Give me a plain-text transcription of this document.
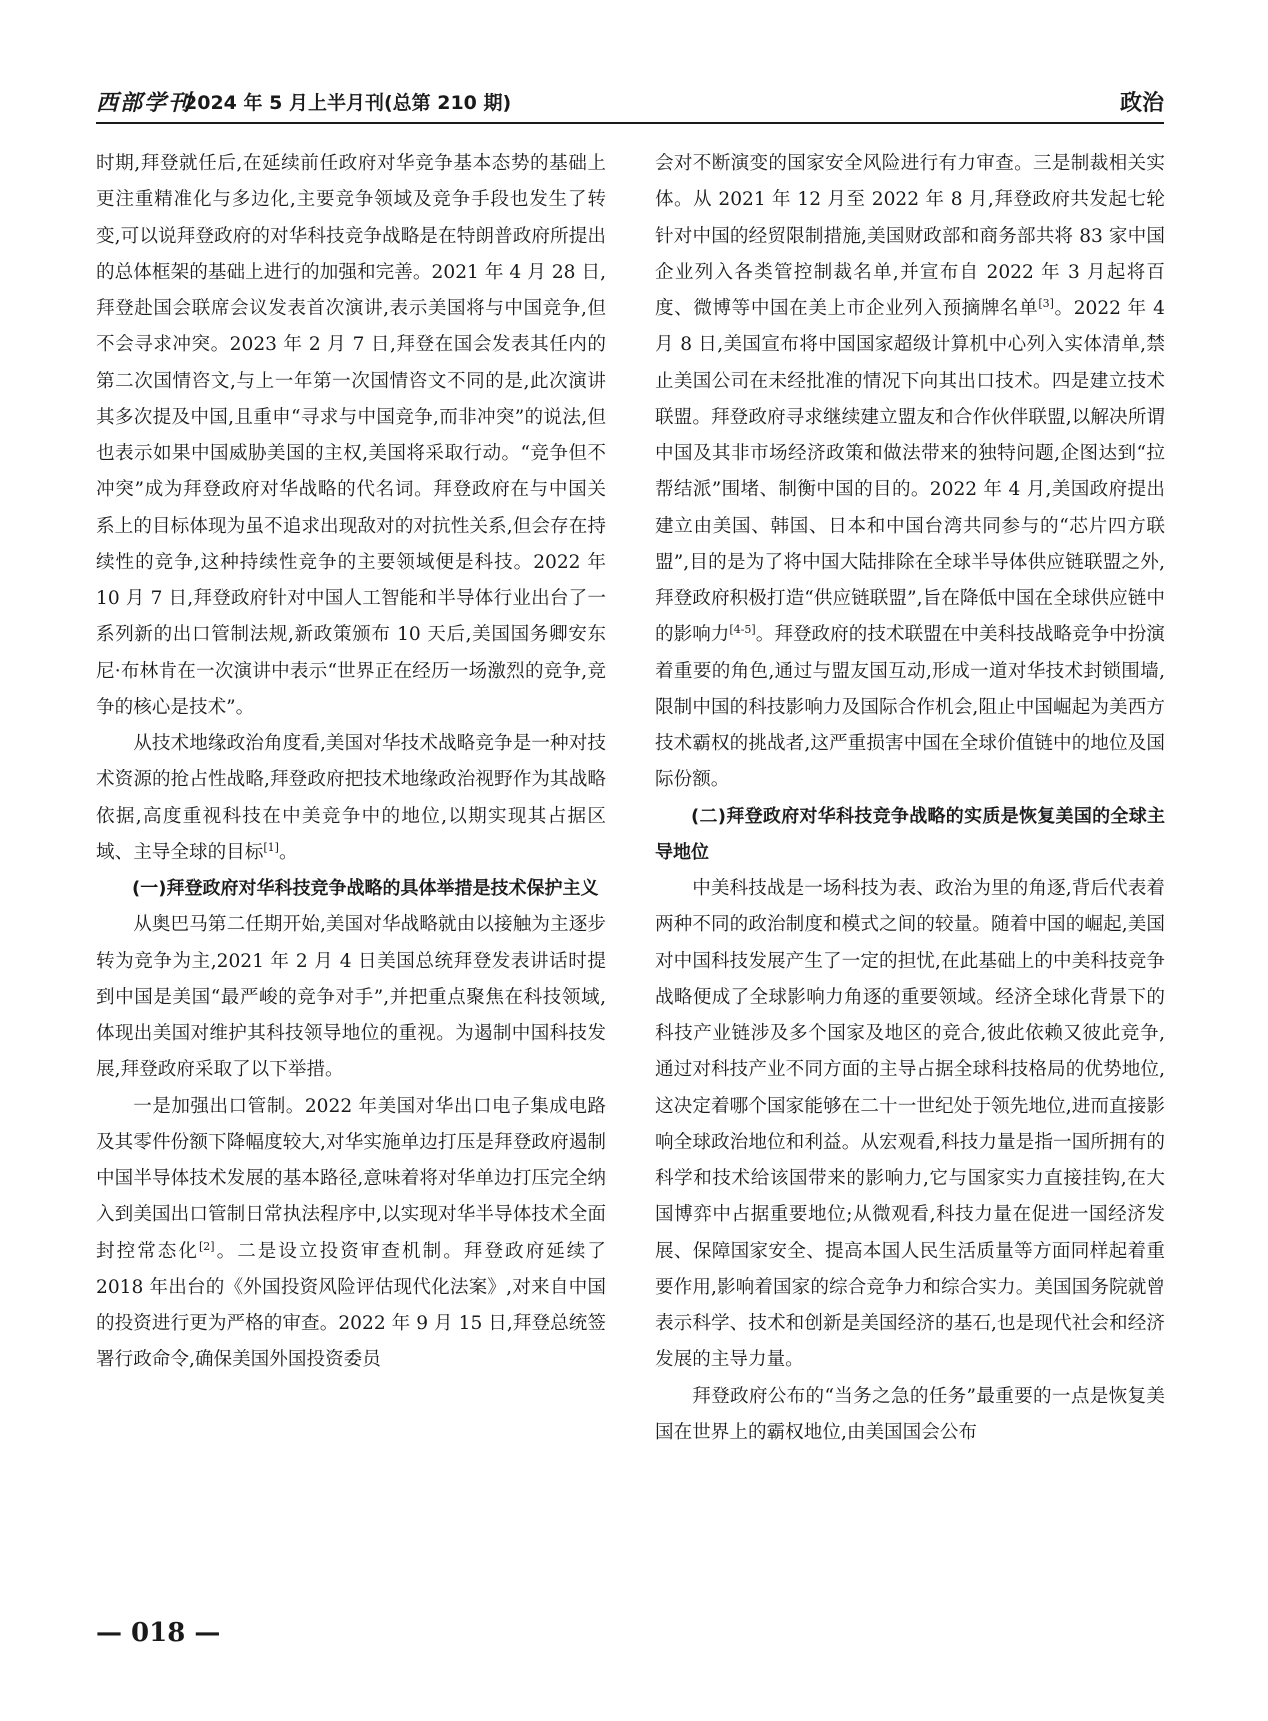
西部学刊
2024 年 5 月上半月刊(总第 210 期)	政治

时期,拜登就任后,在延续前任政府对华竞争基本态势的基础上更注重精准化与多边化,主要竞争领域及竞争手段也发生了转变,可以说拜登政府的对华科技竞争战略是在特朗普政府所提出的总体框架的基础上进行的加强和完善。2021 年 4 月 28 日,拜登赴国会联席会议发表首次演讲,表示美国将与中国竞争,但不会寻求冲突。2023 年 2 月 7 日,拜登在国会发表其任内的第二次国情咨文,与上一年第一次国情咨文不同的是,此次演讲其多次提及中国,且重申“寻求与中国竞争,而非冲突”的说法,但也表示如果中国威胁美国的主权,美国将采取行动。“竞争但不冲突”成为拜登政府对华战略的代名词。拜登政府在与中国关系上的目标体现为虽不追求出现敌对的对抗性关系,但会存在持续性的竞争,这种持续性竞争的主要领域便是科技。2022 年 10 月 7 日,拜登政府针对中国人工智能和半导体行业出台了一系列新的出口管制法规,新政策颁布 10 天后,美国国务卿安东尼·布林肯在一次演讲中表示“世界正在经历一场激烈的竞争,竞争的核心是技术”。

从技术地缘政治角度看,美国对华技术战略竞争是一种对技术资源的抢占性战略,拜登政府把技术地缘政治视野作为其战略依据,高度重视科技在中美竞争中的地位,以期实现其占据区域、主导全球的目标[1]。

(一)拜登政府对华科技竞争战略的具体举措是技术保护主义

从奥巴马第二任期开始,美国对华战略就由以接触为主逐步转为竞争为主,2021 年 2 月 4 日美国总统拜登发表讲话时提到中国是美国“最严峻的竞争对手”,并把重点聚焦在科技领域,体现出美国对维护其科技领导地位的重视。为遏制中国科技发展,拜登政府采取了以下举措。

一是加强出口管制。2022 年美国对华出口电子集成电路及其零件份额下降幅度较大,对华实施单边打压是拜登政府遏制中国半导体技术发展的基本路径,意味着将对华单边打压完全纳入到美国出口管制日常执法程序中,以实现对华半导体技术全面封控常态化[2]。二是设立投资审查机制。拜登政府延续了 2018 年出台的《外国投资风险评估现代化法案》,对来自中国的投资进行更为严格的审查。2022 年 9 月 15 日,拜登总统签署行政命令,确保美国外国投资委员

会对不断演变的国家安全风险进行有力审查。三是制裁相关实体。从 2021 年 12 月至 2022 年 8 月,拜登政府共发起七轮针对中国的经贸限制措施,美国财政部和商务部共将 83 家中国企业列入各类管控制裁名单,并宣布自 2022 年 3 月起将百度、微博等中国在美上市企业列入预摘牌名单[3]。2022 年 4 月 8 日,美国宣布将中国国家超级计算机中心列入实体清单,禁止美国公司在未经批准的情况下向其出口技术。四是建立技术联盟。拜登政府寻求继续建立盟友和合作伙伴联盟,以解决所谓中国及其非市场经济政策和做法带来的独特问题,企图达到“拉帮结派”围堵、制衡中国的目的。2022 年 4 月,美国政府提出建立由美国、韩国、日本和中国台湾共同参与的“芯片四方联盟”,目的是为了将中国大陆排除在全球半导体供应链联盟之外,拜登政府积极打造“供应链联盟”,旨在降低中国在全球供应链中的影响力[4-5]。拜登政府的技术联盟在中美科技战略竞争中扮演着重要的角色,通过与盟友国互动,形成一道对华技术封锁围墙,限制中国的科技影响力及国际合作机会,阻止中国崛起为美西方技术霸权的挑战者,这严重损害中国在全球价值链中的地位及国际份额。

(二)拜登政府对华科技竞争战略的实质是恢复美国的全球主导地位

中美科技战是一场科技为表、政治为里的角逐,背后代表着两种不同的政治制度和模式之间的较量。随着中国的崛起,美国对中国科技发展产生了一定的担忧,在此基础上的中美科技竞争战略便成了全球影响力角逐的重要领域。经济全球化背景下的科技产业链涉及多个国家及地区的竞合,彼此依赖又彼此竞争,通过对科技产业不同方面的主导占据全球科技格局的优势地位,这决定着哪个国家能够在二十一世纪处于领先地位,进而直接影响全球政治地位和利益。从宏观看,科技力量是指一国所拥有的科学和技术给该国带来的影响力,它与国家实力直接挂钩,在大国博弈中占据重要地位;从微观看,科技力量在促进一国经济发展、保障国家安全、提高本国人民生活质量等方面同样起着重要作用,影响着国家的综合竞争力和综合实力。美国国务院就曾表示科学、技术和创新是美国经济的基石,也是现代社会和经济发展的主导力量。

拜登政府公布的“当务之急的任务”最重要的一点是恢复美国在世界上的霸权地位,由美国国会公布

— 018 —
